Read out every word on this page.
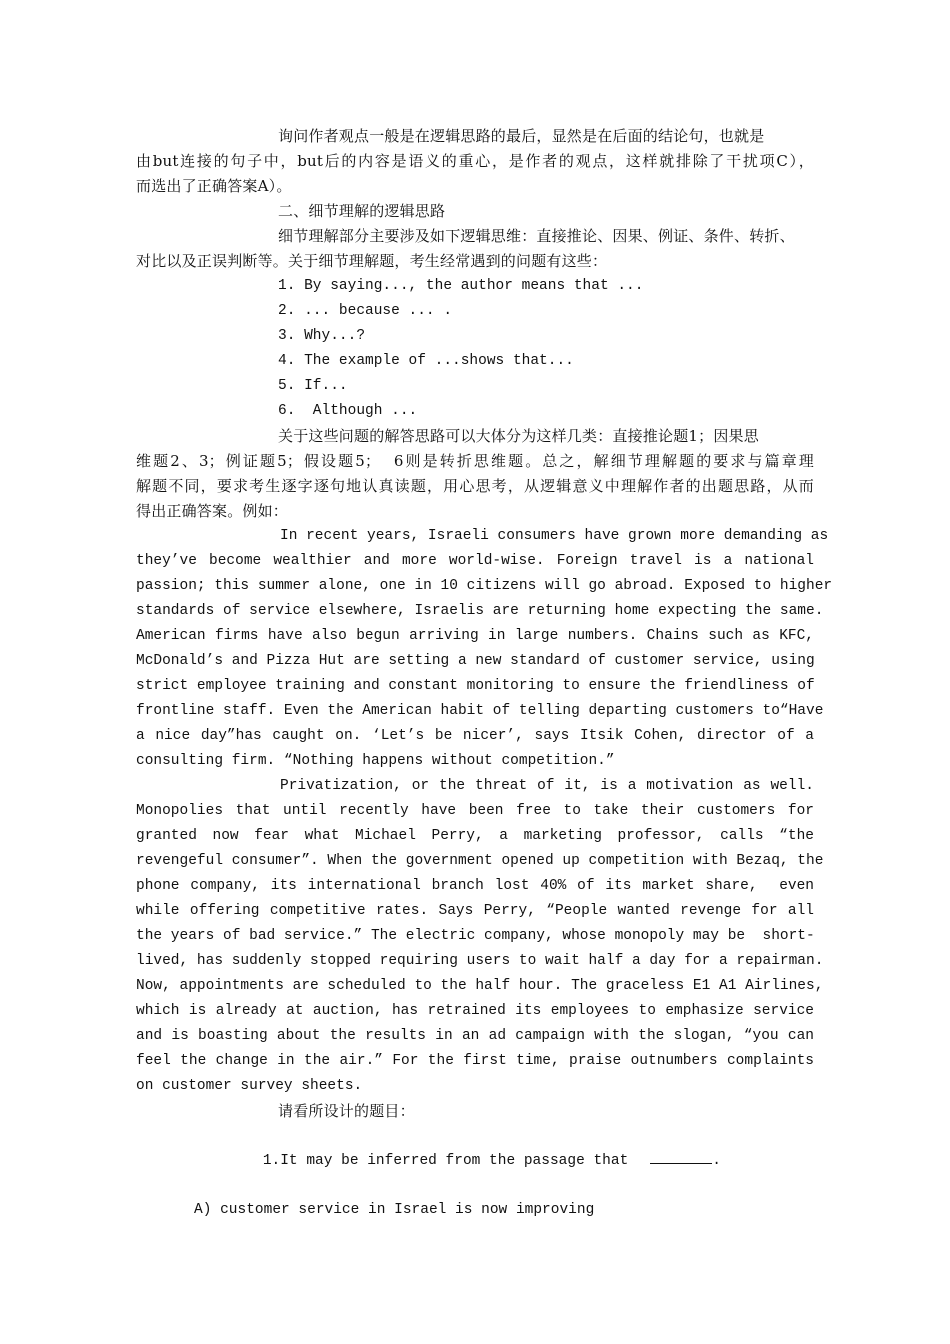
询问作者观点一般是在逻辑思路的最后，显然是在后面的结论句，也就是
由but连接的句子中，but后的内容是语义的重心，是作者的观点，这样就排除了干扰项C），
而选出了正确答案A）。
二、细节理解的逻辑思路
细节理解部分主要涉及如下逻辑思维：直接推论、因果、例证、条件、转折、
对比以及正误判断等。关于细节理解题，考生经常遇到的问题有这些：
1. By saying..., the author means that ...
2. ... because ... .
3. Why...?
4. The example of ...shows that...
5. If...
6.  Although ...
关于这些问题的解答思路可以大体分为这样几类：直接推论题1；因果思
维题2、3；例证题5；假设题5；  6则是转折思维题。总之，解细节理解题的要求与篇章理
解题不同，要求考生逐字逐句地认真读题，用心思考，从逻辑意义中理解作者的出题思路，从而
得出正确答案。例如：
In recent years, Israeli consumers have grown more demanding as
they’ve become wealthier and more world-wise. Foreign travel is a national
passion; this summer alone, one in 10 citizens will go abroad. Exposed to higher
standards of service elsewhere, Israelis are returning home expecting the same.
American firms have also begun arriving in large numbers. Chains such as KFC,
McDonald’s and Pizza Hut are setting a new standard of customer service, using
strict employee training and constant monitoring to ensure the friendliness of
frontline staff. Even the American habit of telling departing customers to“Have
a nice day”has caught on. ‘Let’s be nicer’, says Itsik Cohen, director of a
consulting firm. “Nothing happens without competition.”
Privatization, or the threat of it, is a motivation as well.
Monopolies that until recently have been free to take their customers for
granted now fear what Michael Perry, a marketing professor, calls “the
revengeful consumer”. When the government opened up competition with Bezaq, the
phone company, its international branch lost 40% of its market share,  even
while offering competitive rates. Says Perry, “People wanted revenge for all
the years of bad service.” The electric company, whose monopoly may be  short-
lived, has suddenly stopped requiring users to wait half a day for a repairman.
Now, appointments are scheduled to the half hour. The graceless E1 A1 Airlines,
which is already at auction, has retrained its employees to emphasize service
and is boasting about the results in an ad campaign with the slogan, “you can
feel the change in the air.” For the first time, praise outnumbers complaints
on customer survey sheets.
请看所设计的题目：

1.It may be inferred from the passage that	.

A) customer service in Israel is now improving
